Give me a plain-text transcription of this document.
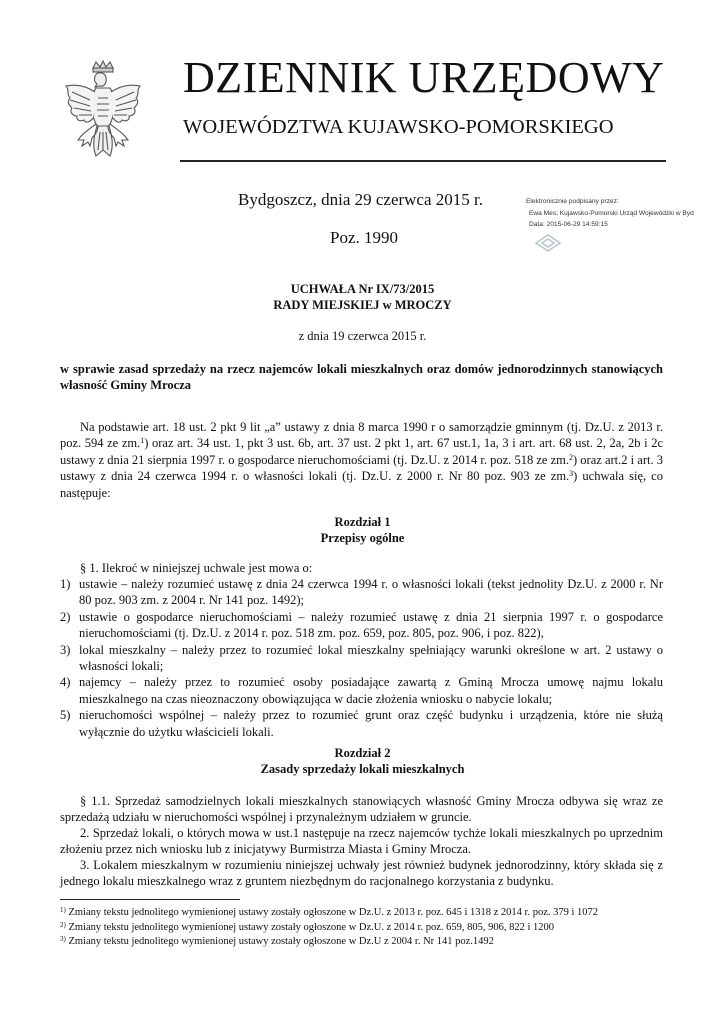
DZIENNIK URZĘDOWY
WOJEWÓDZTWA KUJAWSKO-POMORSKIEGO
Bydgoszcz, dnia 29 czerwca 2015 r.
Poz. 1990
Elektronicznie podpisany przez:
Ewa Mes; Kujawsko-Pomorski Urząd Wojewódzki w Byd
Data: 2015-06-29 14:59:15
UCHWAŁA Nr IX/73/2015
RADY MIEJSKIEJ w MROCZY
z dnia 19 czerwca 2015 r.
w sprawie zasad sprzedaży na rzecz najemców lokali mieszkalnych oraz domów jednorodzinnych stanowiących własność Gminy Mrocza

Na podstawie art. 18 ust. 2 pkt 9 lit „a” ustawy z dnia 8 marca 1990 r o samorządzie gminnym (tj. Dz.U. z 2013 r. poz. 594 ze zm.$^1$) oraz art. 34 ust. 1, pkt 3 ust. 6b, art. 37 ust. 2 pkt 1, art. 67 ust.1, 1a, 3 i art. art. 68 ust. 2, 2a, 2b i 2c ustawy z dnia 21 sierpnia 1997 r. o gospodarce nieruchomościami (tj. Dz.U. z 2014 r. poz. 518 ze zm.$^2$) oraz art.2 i art. 3 ustawy z dnia 24 czerwca 1994 r. o własności lokali (tj. Dz.U. z 2000 r. Nr 80 poz. 903 ze zm.$^3$) uchwala się, co następuje:

Rozdział 1
Przepisy ogólne
§ 1. Ilekroć w niniejszej uchwale jest mowa o:
1) ustawie – należy rozumieć ustawę z dnia 24 czerwca 1994 r. o własności lokali (tekst jednolity Dz.U. z 2000 r. Nr 80 poz. 903 zm. z 2004 r. Nr 141 poz. 1492);
2) ustawie o gospodarce nieruchomościami – należy rozumieć ustawę z dnia 21 sierpnia 1997 r. o gospodarce nieruchomościami (tj. Dz.U. z 2014 r. poz. 518 zm. poz. 659, poz. 805, poz. 906, i poz. 822),
3) lokal mieszkalny – należy przez to rozumieć lokal mieszkalny spełniający warunki określone w art. 2 ustawy o własności lokali;
4) najemcy – należy przez to rozumieć osoby posiadające zawartą z Gminą Mrocza umowę najmu lokalu mieszkalnego na czas nieoznaczony obowiązująca w dacie złożenia wniosku o nabycie lokalu;
5) nieruchomości wspólnej – należy przez to rozumieć grunt oraz część budynku i urządzenia, które nie służą wyłącznie do użytku właścicieli lokali.
Rozdział 2
Zasady sprzedaży lokali mieszkalnych

§ 1.1. Sprzedaż samodzielnych lokali mieszkalnych stanowiących własność Gminy Mrocza odbywa się wraz ze sprzedażą udziału w nieruchomości wspólnej i przynależnym udziałem w gruncie.

2. Sprzedaż lokali, o których mowa w ust.1 następuje na rzecz najemców tychże lokali mieszkalnych po uprzednim złożeniu przez nich wniosku lub z inicjatywy Burmistrza Miasta i Gminy Mrocza.

3. Lokalem mieszkalnym w rozumieniu niniejszej uchwały jest również budynek jednorodzinny, który składa się z jednego lokalu mieszkalnego wraz z gruntem niezbędnym do racjonalnego korzystania z budynku.

$^{1)}$ Zmiany tekstu jednolitego wymienionej ustawy zostały ogłoszone w Dz.U. z 2013 r. poz. 645 i 1318 z 2014 r. poz. 379 i 1072

$^{2)}$ Zmiany tekstu jednolitego wymienionej ustawy zostały ogłoszone w Dz.U. z 2014 r. poz. 659, 805, 906, 822 i 1200

$^{3)}$ Zmiany tekstu jednolitego wymienionej ustawy zostały ogłoszone w Dz.U z 2004 r. Nr 141 poz.1492
